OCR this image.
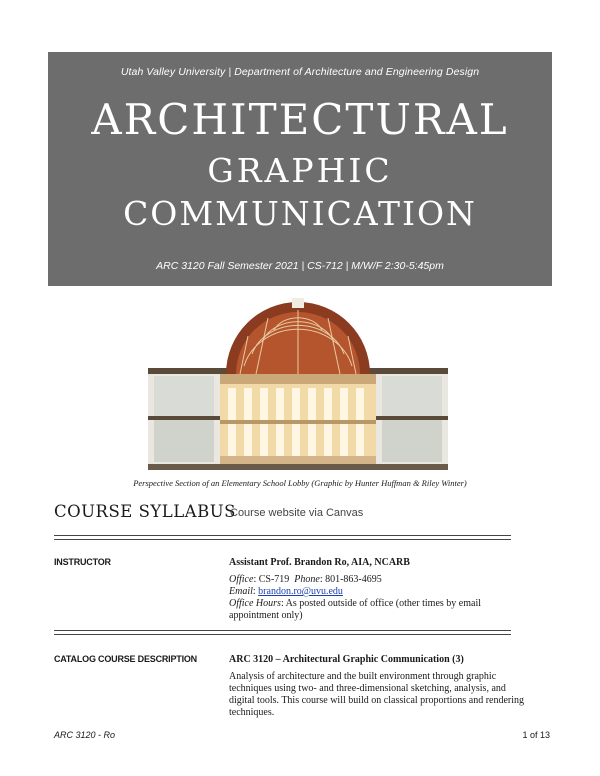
Utah Valley University | Department of Architecture and Engineering Design
ARCHITECTURAL
GRAPHIC
COMMUNICATION
ARC 3120 Fall Semester 2021 | CS-712 | M/W/F 2:30-5:45pm
Perspective Section of an Elementary School Lobby (Graphic by Hunter Huffman & Riley Winter)
COURSE SYLLABUS
Course website via Canvas
INSTRUCTOR	Assistant Prof. Brandon Ro, AIA, NCARB
Office: CS-719 Phone: 801-863-4695
Email: brandon.ro@uvu.edu
Office Hours: As posted outside of office (other times by email appointment only)
CATALOG COURSE DESCRIPTION	ARC 3120 – Architectural Graphic Communication (3)
Analysis of architecture and the built environment through graphic techniques using two- and three-dimensional sketching, analysis, and digital tools. This course will build on classical proportions and rendering techniques.
ARC 3120 - Ro	1 of 13
